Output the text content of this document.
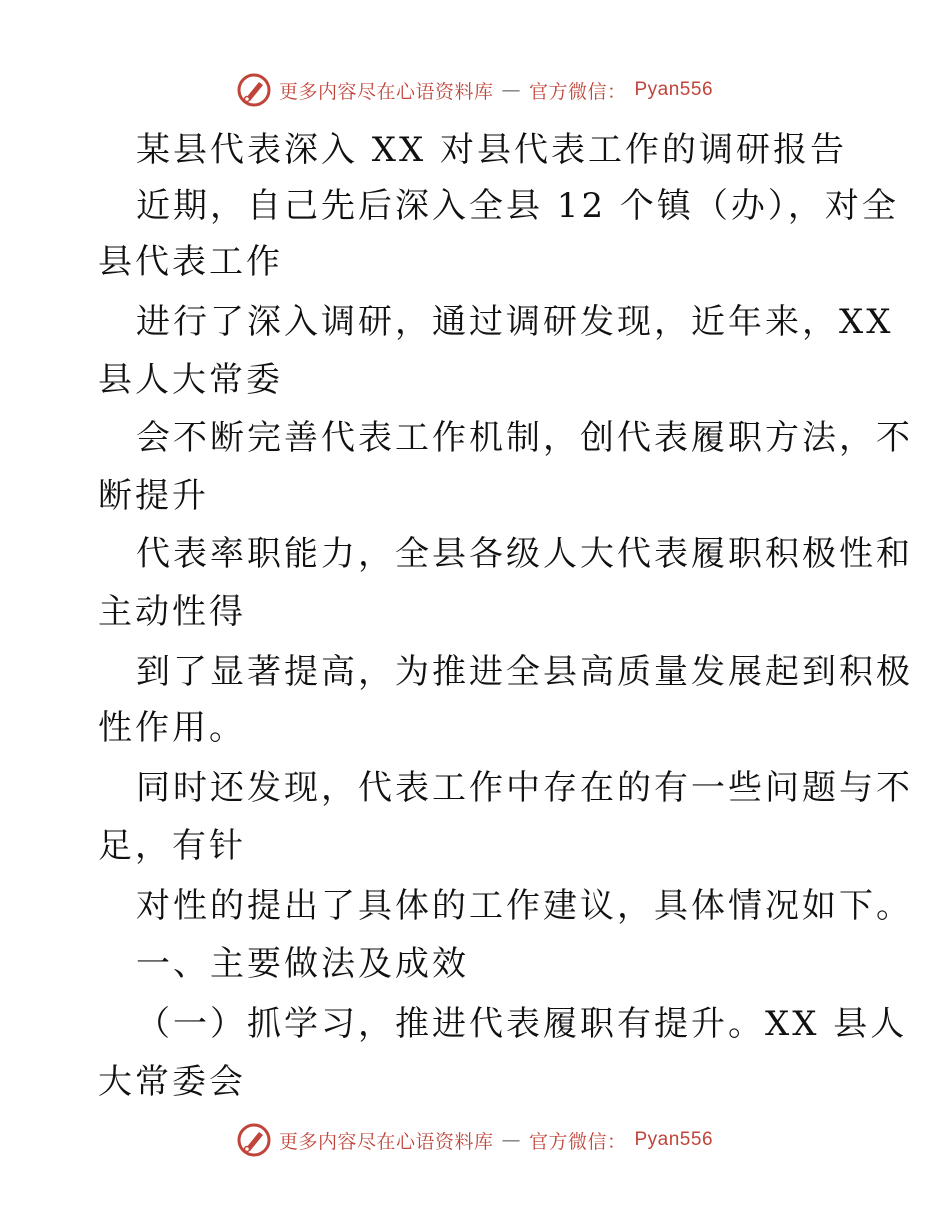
更多内容尽在心语资料库 — 官方微信： Pyan556
某县代表深入 XX 对县代表工作的调研报告
近期，自己先后深入全县 12 个镇（办），对全
县代表工作
进行了深入调研，通过调研发现，近年来，XX
县人大常委
会不断完善代表工作机制，创代表履职方法，不
断提升
代表率职能力，全县各级人大代表履职积极性和
主动性得
到了显著提高，为推进全县高质量发展起到积极
性作用。
同时还发现，代表工作中存在的有一些问题与不
足，有针
对性的提出了具体的工作建议，具体情况如下。
一、主要做法及成效
（一）抓学习，推进代表履职有提升。XX 县人
大常委会
更多内容尽在心语资料库 — 官方微信： Pyan556
